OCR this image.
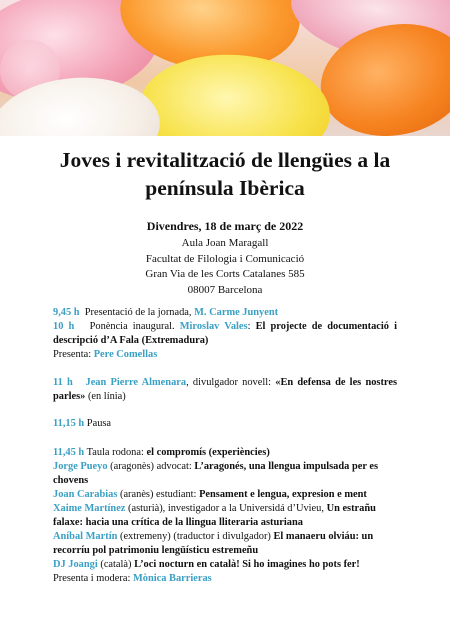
Joves i revitalització de llengües a la península Ibèrica
Divendres, 18 de març de 2022
Aula Joan Maragall
Facultat de Filologia i Comunicació
Gran Via de les Corts Catalanes 585
08007 Barcelona

9,45 h Presentació de la jornada, M. Carme Junyent

10 h Ponència inaugural. Miroslav Vales: El projecte de documentació i descripció d’A Fala (Extremadura)

Presenta: Pere Comellas

11 h Jean Pierre Almenara, divulgador novell: «En defensa de les nostres parles» (en línia)

11,15 h Pausa

11,45 h Taula rodona: el compromís (experiències)

Jorge Pueyo (aragonès) advocat: L’aragonés, una llengua impulsada per es chovens

Joan Carabias (aranès) estudiant: Pensament e lengua, expresion e ment

Xaime Martínez (asturià), investigador a la Universidá d’Uvieu, Un estrañu falaxe: hacia una crítica de la llingua lliteraria asturiana

Aníbal Martín (extremeny) (traductor i divulgador) El manaeru olviáu: un recorríu pol patrimoniu lengüísticu estremeñu

DJ Joangi (català) L’oci nocturn en català! Si ho imagines ho pots fer!

Presenta i modera: Mònica Barrieras
